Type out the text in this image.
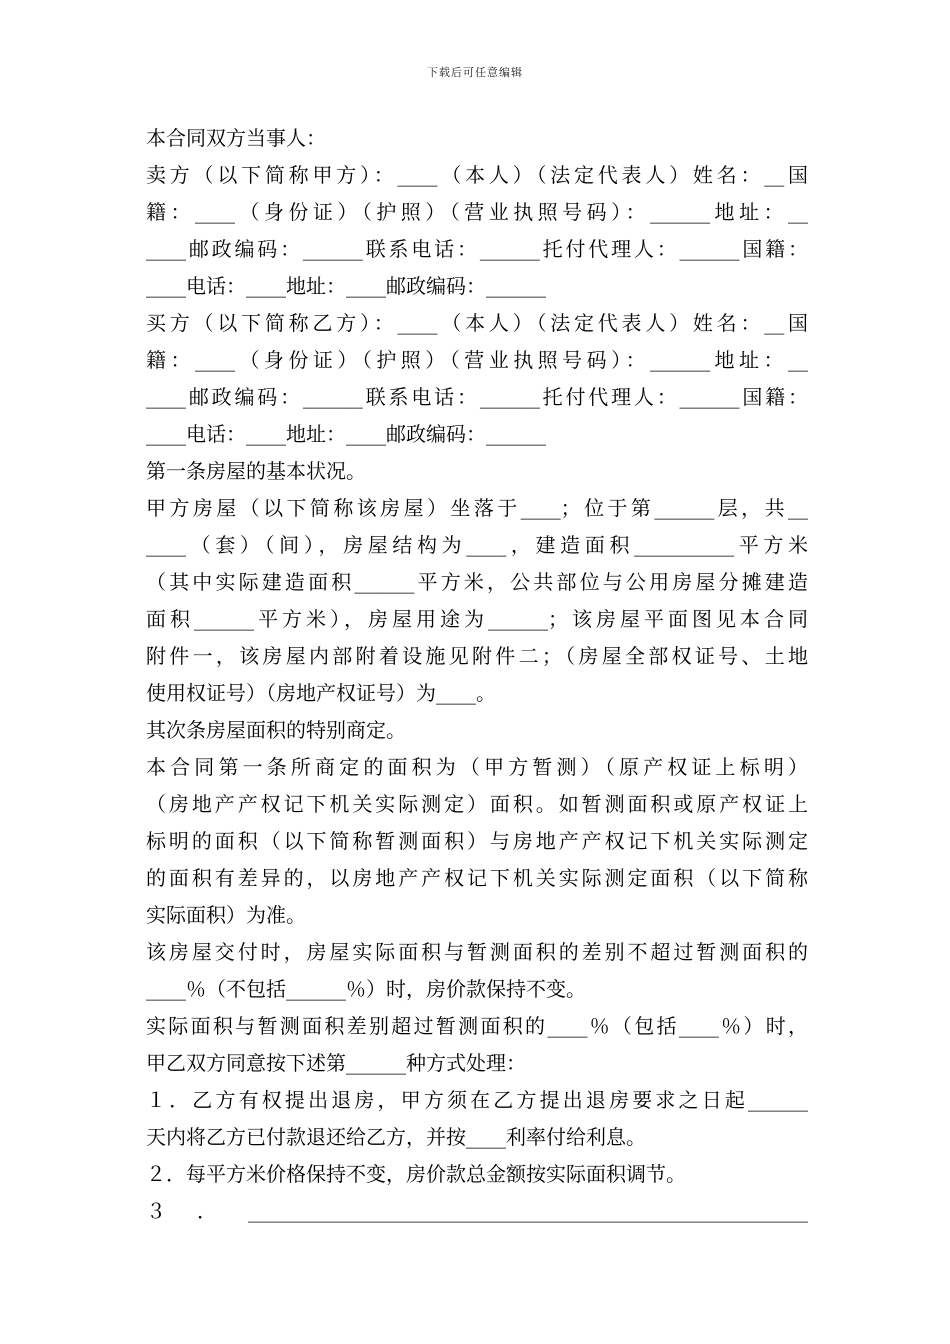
下载后可任意编辑
本合同双方当事人：
卖方（以下简称甲方）：____（本人）（法定代表人）姓名：__国
籍：____（身份证）（护照）（营业执照号码）：______地址：__
____邮政编码：______联系电话：______托付代理人：______国籍：
____电话：____地址：____邮政编码：______
买方（以下简称乙方）：____（本人）（法定代表人）姓名：__国
籍：____（身份证）（护照）（营业执照号码）：______地址：__
____邮政编码：______联系电话：______托付代理人：______国籍：
____电话：____地址：____邮政编码：______
第一条房屋的基本状况。
甲方房屋（以下简称该房屋）坐落于____；位于第______层，共__
____（套）（间），房屋结构为____，建造面积__________平方米
（其中实际建造面积______平方米，公共部位与公用房屋分摊建造
面积______平方米），房屋用途为______；该房屋平面图见本合同
附件一，该房屋内部附着设施见附件二；（房屋全部权证号、土地
使用权证号）（房地产权证号）为____。
其次条房屋面积的特别商定。
本合同第一条所商定的面积为（甲方暂测）（原产权证上标明）
（房地产产权记下机关实际测定）面积。如暂测面积或原产权证上
标明的面积（以下简称暂测面积）与房地产产权记下机关实际测定
的面积有差异的，以房地产产权记下机关实际测定面积（以下简称
实际面积）为准。
该房屋交付时，房屋实际面积与暂测面积的差别不超过暂测面积的
____％（不包括______％）时，房价款保持不变。
实际面积与暂测面积差别超过暂测面积的____％（包括____％）时，
甲乙双方同意按下述第______种方式处理：
１．乙方有权提出退房，甲方须在乙方提出退房要求之日起______
天内将乙方已付款退还给乙方，并按____利率付给利息。
２．每平方米价格保持不变，房价款总金额按实际面积调节。
３．________________________________________________________
